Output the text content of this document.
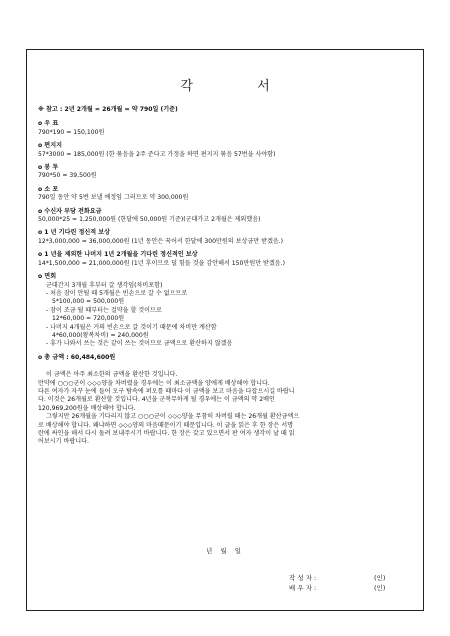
각 서
※ 참고 : 2년 2개월 = 26개월 = 약 790일 (기준)
o 우 표
790*190 = 150,100원
o 편지지
57*3000 = 185,000원 (한 묶음을 2주 준다고 가정을 하면 편지지 묶음 57번을 사야함)
o 봉 투
790*50 = 39,500원
o 소 포
790일 동안 약 5번 보낼 예정임 그러므로 약 300,000원
o 수신자 부담 전화요금
50,000*25 = 1,250,000원 (한달에 50,000원 기준)(군대가고 2개월은 제외했음)
o 1 년 기다린 정신적 보상
12*3,000,000 = 36,000,000원 (1년 동안은 꾹어서 한달에 300만원의 보상금만 받겠음.)
o 1 년을 제외한 나머지 1년 2개월을 기다린 정신적인 보상
14*1,500,000 = 21,000,000원 (1년 후이므로 덜 힘들 것을 감안해서 150만원만 받겠음.)
o 면회
군대간지 3개월 후부터 갈 생각임(차비포함)
- 처음 잠이 안될 때 5개월은 빈손으로 갈 수 없으므로
5*100,000 = 500,000원
- 잠이 조금 될 때부터는 걸약을 할 것이므로
12*60,000 = 720,000원
- 나머지 4개월은 거의 빈손으로 갈 것이기 때문에 차비만 계산함
4*60,000(왕복차비) = 240,000원
- 휴가 나와서 쓰는 것은 같이 쓰는 것이므로 금액으로 환산하지 않겠음
o 총 금액 : 60,484,600원
이 금액은 아주 최소한의 금액을 환산한 것입니다.
만약에 ○○○군이 ◇◇◇양을 차버렸을 경우에는 이 최소금액을 양에게 배상해야 합니다.
다른 여자가 자꾸 눈에 들어 오구 탐속에 퍼오를 때마다 이 금액을 보고 마음을 다잡으시길 바랍니
다. 이것은 26개월로 환산할 것입니다. 4년을 군복무하게 될 경우에는 이 금액의 약 2배인
120,969,200원을 배상해야 합니다.
그렇지만 26개월을 기다리지 않고 ○○○군이 ◇◇◇양을 무참히 차버릴 때는 26개월 환산금액으
로 배상해야 합니다. 왜냐하면 ◇◇◇양의 마음때문이기 때문입니다. 이 글을 읽은 후 한 장은 서명
란에 싸인을 해서 다시 돌려 보내주시기 바랍니다. 한 장은 갖고 있으면서 판 여자 생각이 날 때 읽
어보시기 바랍니다.
년 월 일
작 성 자 :	(인)
배 우 자 :	(인)
